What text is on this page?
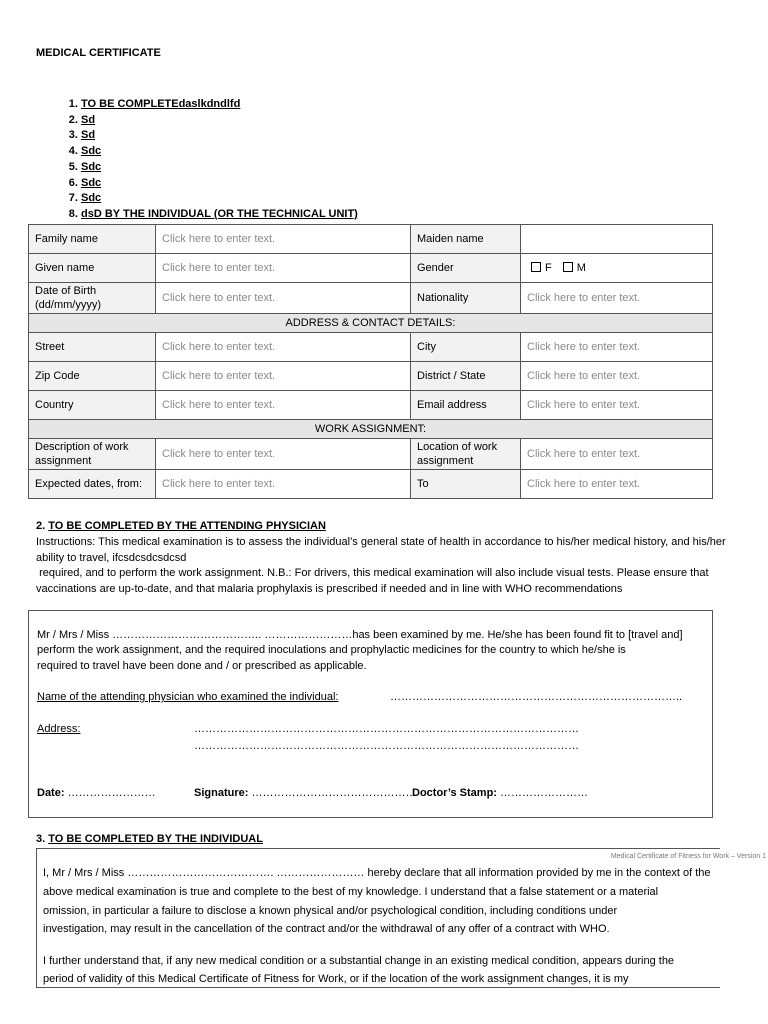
MEDICAL CERTIFICATE
1. TO BE COMPLETEdaslkdndlfd
2. Sd
3. Sd
4. Sdc
5. Sdc
6. Sdc
7. Sdc
8. dsD BY THE INDIVIDUAL (OR THE TECHNICAL UNIT)
Family name	Click here to enter text.	Maiden name	
Given name	Click here to enter text.	Gender	F M
Date of Birth (dd/mm/yyyy)	Click here to enter text.	Nationality	Click here to enter text.
ADDRESS & CONTACT DETAILS:			
Street	Click here to enter text.	City	Click here to enter text.
Zip Code	Click here to enter text.	District / State	Click here to enter text.
Country	Click here to enter text.	Email address	Click here to enter text.
WORK ASSIGNMENT:			
Description of work assignment	Click here to enter text.	Location of work assignment	Click here to enter text.
Expected dates, from:	Click here to enter text.	To	Click here to enter text.
2. TO BE COMPLETED BY THE ATTENDING PHYSICIAN
Instructions: This medical examination is to assess the individual’s general state of health in accordance to his/her medical history, and his/her ability to travel, ifcsdcsdcsdcsd
required, and to perform the work assignment. N.B.: For drivers, this medical examination will also include visual tests. Please ensure that vaccinations are up-to-date, and that malaria prophylaxis is prescribed if needed and in line with WHO recommendations
Mr / Mrs / Miss ………………………………….. ……………………has been examined by me. He/she has been found fit to [travel and]
perform the work assignment, and the required inoculations and prophylactic medicines for the country to which he/she is
required to travel have been done and / or prescribed as applicable.
Name of the attending physician who examined the individual:	……………………………………………………………………..
Address:	……………………………………………………………………………………………
……………………………………………………………………………………………
Date: ……………………	Signature: ………………………………………
Doctor’s Stamp: ……………………
3. TO BE COMPLETED BY THE INDIVIDUAL
Medical Certificate of Fitness for Work – Version 1
I, Mr / Mrs / Miss …………………………………. …………………… hereby declare that all information provided by me in the context of the
above medical examination is true and complete to the best of my knowledge. I understand that a false statement or a material
omission, in particular a failure to disclose a known physical and/or psychological condition, including conditions under
investigation, may result in the cancellation of the contract and/or the withdrawal of any offer of a contract with WHO.
I further understand that, if any new medical condition or a substantial change in an existing medical condition, appears during the
period of validity of this Medical Certificate of Fitness for Work, or if the location of the work assignment changes, it is my
